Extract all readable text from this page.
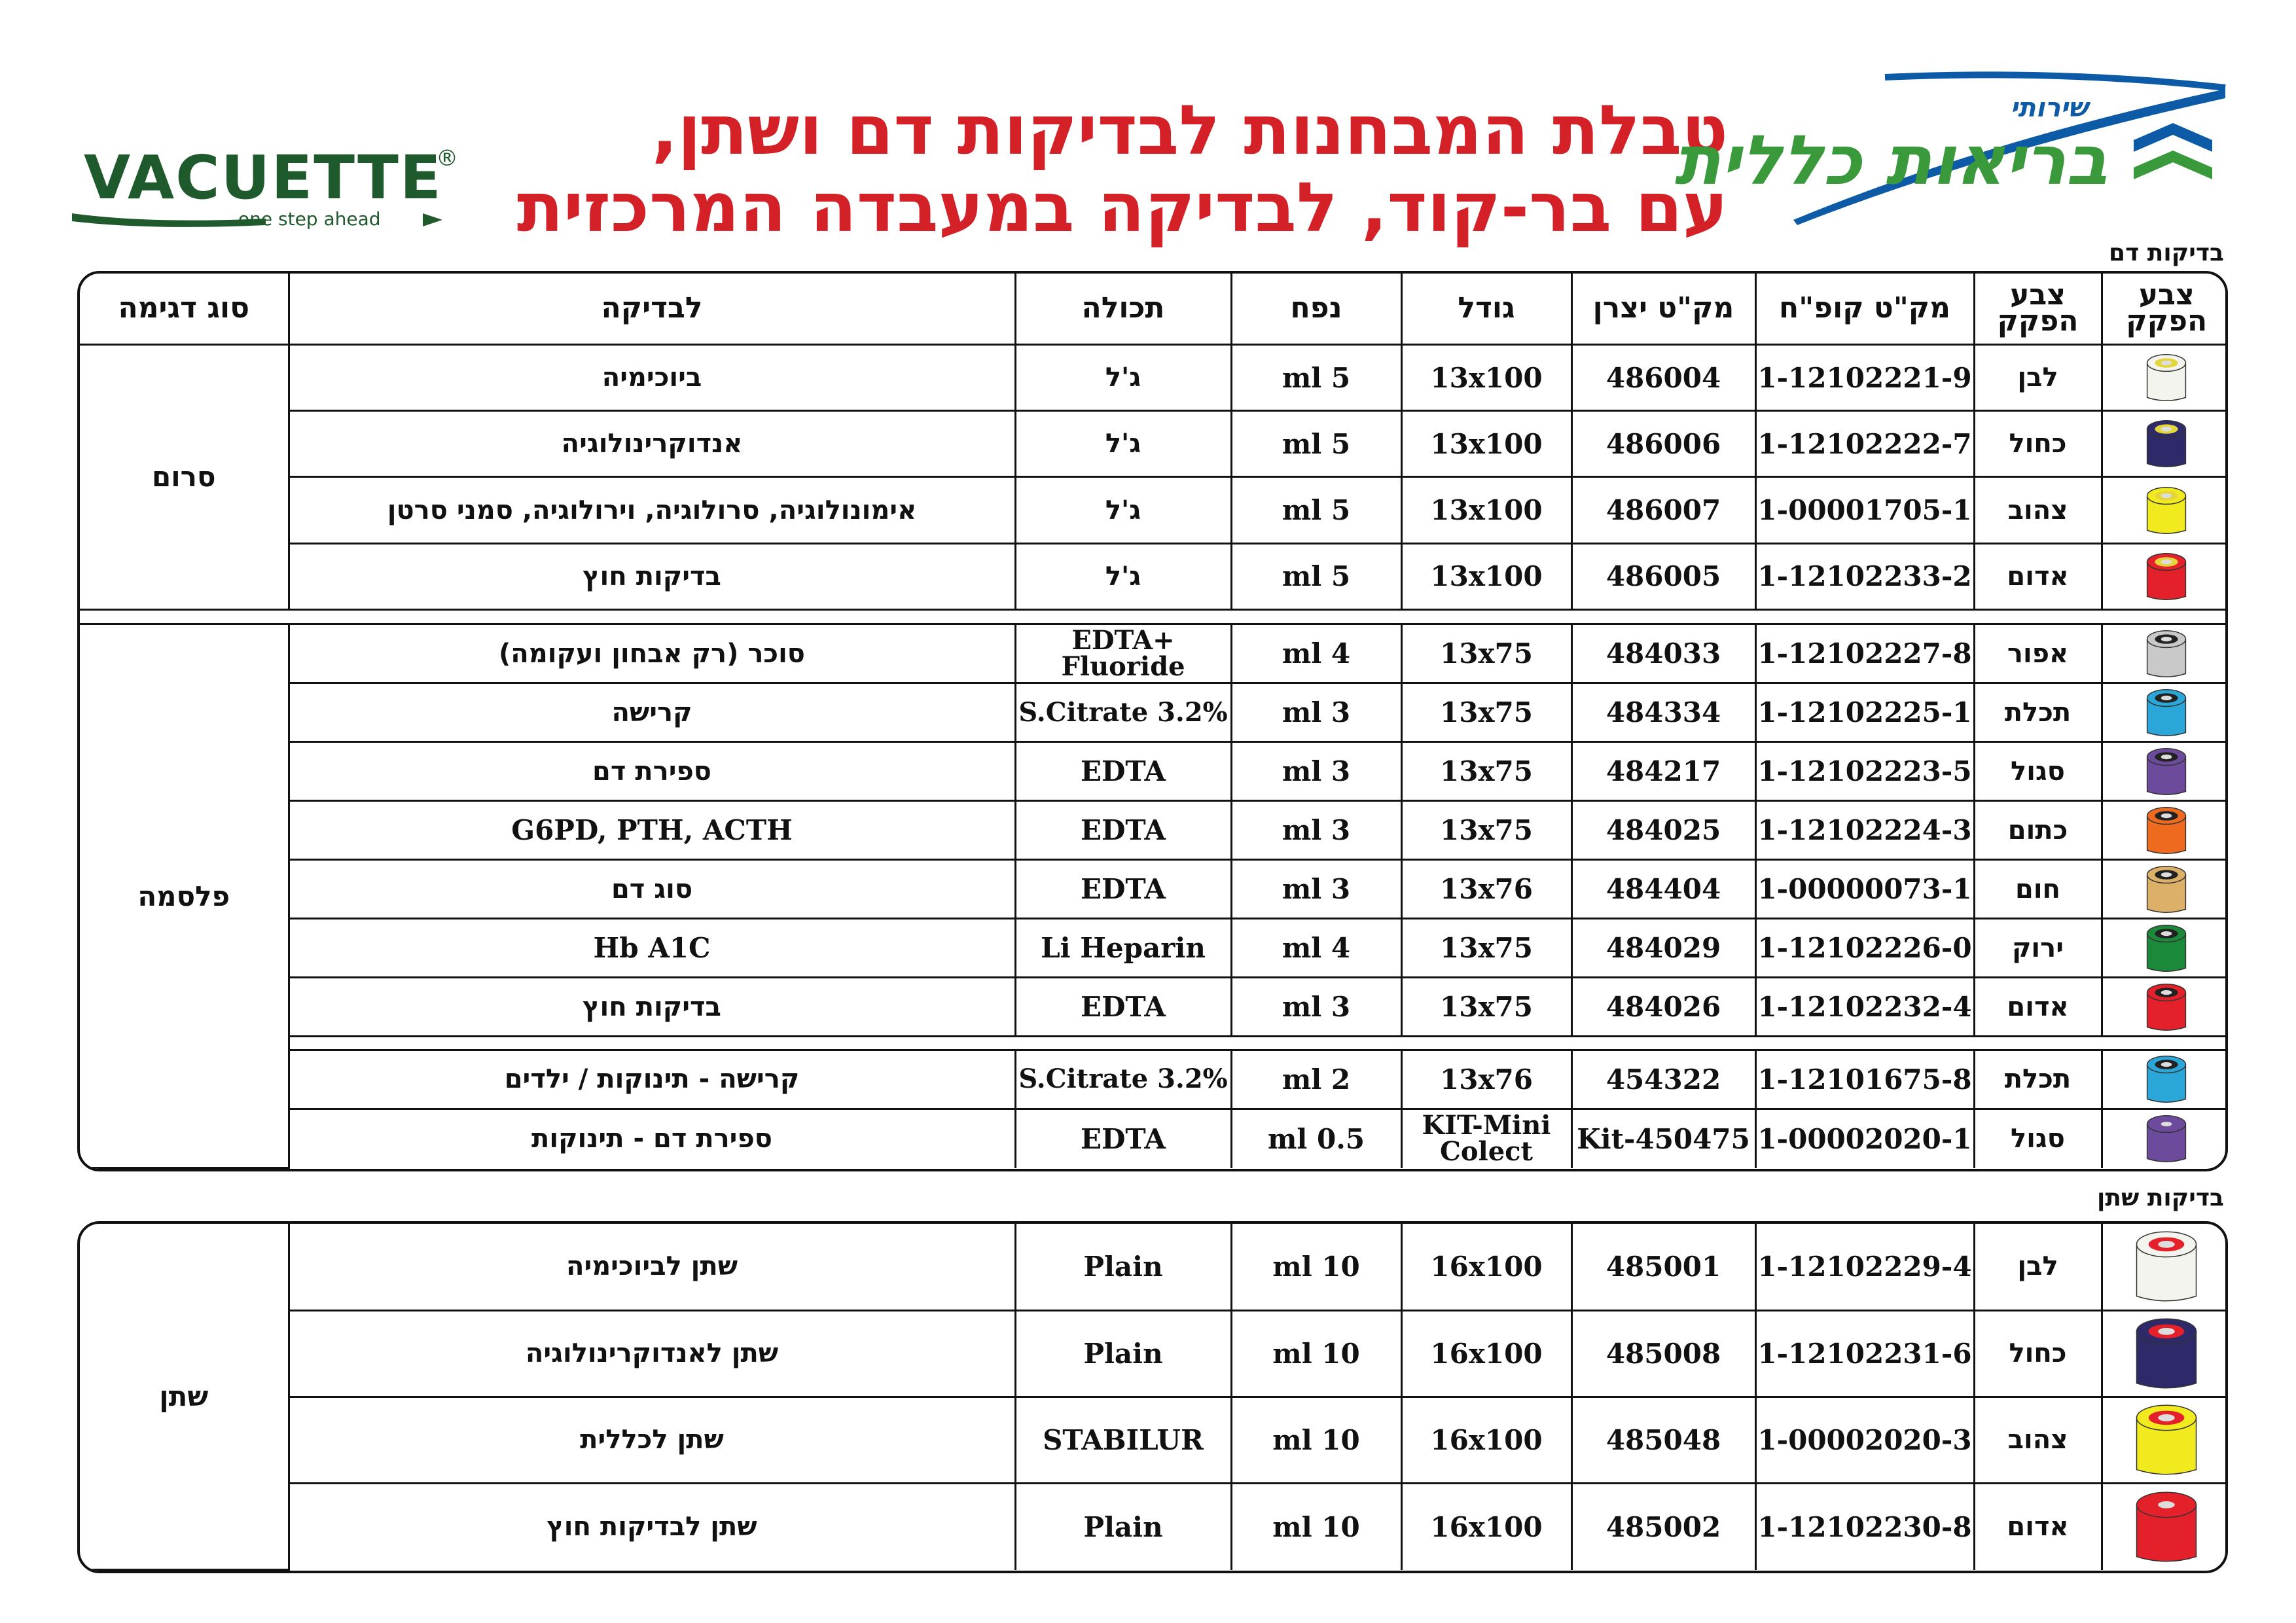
VACUETTE
®
one step ahead
טבלת המבחנות לבדיקות דם ושתן,
עם בר-קוד, לבדיקה במעבדה המרכזית
שירותי
בריאות כללית
בדיקות דם
צבע הפקק	צבע הפקק	מק"ט קופ"ח	מק"ט יצרן	גודל	נפח	תכולה	לבדיקה	סוג דגימה

	לבן	1-12102221-9	486004	13x100	5 ml	ג'ל	ביוכימיה	סרום

	כחול	1-12102222-7	486006	13x100	5 ml	ג'ל	אנדוקרינולוגיה	

	צהוב	1-00001705-1	486007	13x100	5 ml	ג'ל	אימונולוגיה, סרולוגיה, וירולוגיה, סמני סרטן	

	אדום	1-12102233-2	486005	13x100	5 ml	ג'ל	בדיקות חוץ	

	אפור	1-12102227-8	484033	13x75	4 ml	EDTA+ Fluoride	סוכר (רק אבחון ועקומה)	פלסמה

	תכלת	1-12102225-1	484334	13x75	3 ml	S.Citrate 3.2%	קרישה	

	סגול	1-12102223-5	484217	13x75	3 ml	EDTA	ספירת דם	

	כתום	1-12102224-3	484025	13x75	3 ml	EDTA	G6PD, PTH, ACTH	

	חום	1-00000073-1	484404	13x76	3 ml	EDTA	סוג דם	

	ירוק	1-12102226-0	484029	13x75	4 ml	Li Heparin	Hb A1C	

	אדום	1-12102232-4	484026	13x75	3 ml	EDTA	בדיקות חוץ	

	תכלת	1-12101675-8	454322	13x76	2 ml	S.Citrate 3.2%	קרישה - תינוקות / ילדים	

	סגול	1-00002020-1	450475-Kit	KIT-Mini Colect	0.5 ml	EDTA	ספירת דם - תינוקות	
בדיקות שתן
	לבן	1-12102229-4	485001	16x100	10 ml	Plain	שתן לביוכימיה	שתן

	כחול	1-12102231-6	485008	16x100	10 ml	Plain	שתן לאנדוקרינולוגיה	

	צהוב	1-00002020-3	485048	16x100	10 ml	STABILUR	שתן לכללית	

	אדום	1-12102230-8	485002	16x100	10 ml	Plain	שתן לבדיקות חוץ	
